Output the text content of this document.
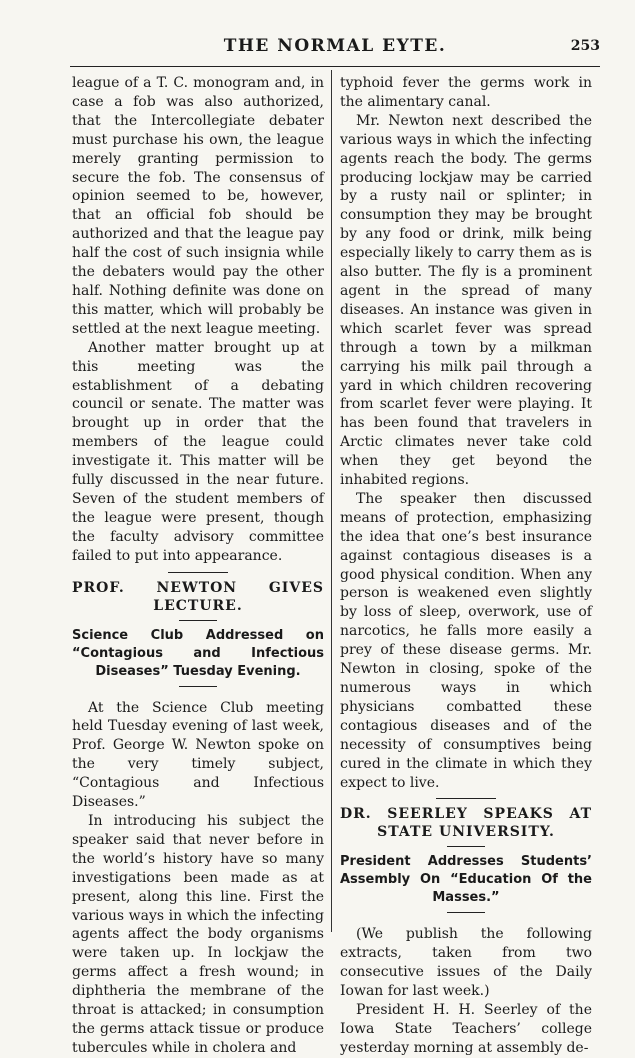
THE NORMAL EYTE.	253

league of a T. C. monogram and, in case a fob was also authorized, that the Intercollegiate debater must purchase his own, the league merely granting permission to secure the fob. The consensus of opinion seemed to be, however, that an official fob should be authorized and that the league pay half the cost of such insignia while the debaters would pay the other half. Nothing definite was done on this matter, which will probably be settled at the next league meeting.

Another matter brought up at this meeting was the establishment of a debating council or senate. The matter was brought up in order that the members of the league could investigate it. This matter will be fully discussed in the near future. Seven of the student members of the league were present, though the faculty advisory committee failed to put into appearance.

PROF. NEWTON GIVES LECTURE.
Science Club Addressed on “Contagious and Infectious Diseases” Tuesday Evening.

At the Science Club meeting held Tuesday evening of last week, Prof. George W. Newton spoke on the very timely subject, “Contagious and Infectious Diseases.”

In introducing his subject the speaker said that never before in the world’s history have so many investigations been made as at present, along this line. First the various ways in which the infecting agents affect the body organisms were taken up. In lockjaw the germs affect a fresh wound; in diphtheria the membrane of the throat is attacked; in consumption the germs attack tissue or produce tubercules while in cholera and

typhoid fever the germs work in the alimentary canal.

Mr. Newton next described the various ways in which the infecting agents reach the body. The germs producing lockjaw may be carried by a rusty nail or splinter; in consumption they may be brought by any food or drink, milk being especially likely to carry them as is also butter. The fly is a prominent agent in the spread of many diseases. An instance was given in which scarlet fever was spread through a town by a milkman carrying his milk pail through a yard in which children recovering from scarlet fever were playing. It has been found that travelers in Arctic climates never take cold when they get beyond the inhabited regions.

The speaker then discussed means of protection, emphasizing the idea that one’s best insurance against contagious diseases is a good physical condition. When any person is weakened even slightly by loss of sleep, overwork, use of narcotics, he falls more easily a prey of these disease germs. Mr. Newton in closing, spoke of the numerous ways in which physicians combatted these contagious diseases and of the necessity of consumptives being cured in the climate in which they expect to live.

DR. SEERLEY SPEAKS AT STATE UNIVERSITY.
President Addresses Students’ Assembly On “Education Of the Masses.”

(We publish the following extracts, taken from two consecutive issues of the Daily Iowan for last week.)

President H. H. Seerley of the Iowa State Teachers’ college yesterday morning at assembly de-
